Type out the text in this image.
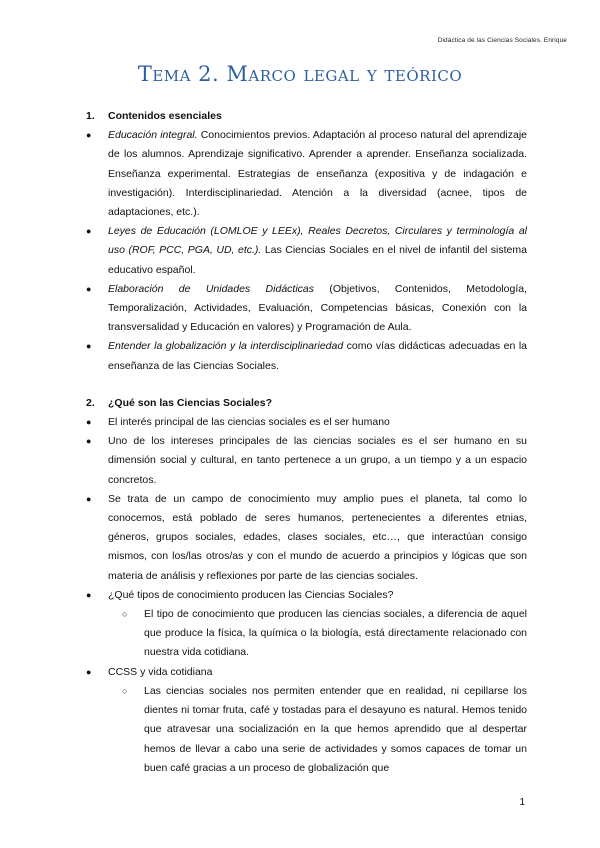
Didáctica de las Ciencias Sociales. Enrique
Tema 2. Marco legal y teórico
1.	Contenidos esenciales
●	Educación integral. Conocimientos previos. Adaptación al proceso natural del aprendizaje de los alumnos. Aprendizaje significativo. Aprender a aprender. Enseñanza socializada. Enseñanza experimental. Estrategias de enseñanza (expositiva y de indagación e investigación). Interdisciplinariedad. Atención a la diversidad (acnee, tipos de adaptaciones, etc.).
●	Leyes de Educación (LOMLOE y LEEx), Reales Decretos, Circulares y terminología al uso (ROF, PCC, PGA, UD, etc.). Las Ciencias Sociales en el nivel de infantil del sistema educativo español.
●	Elaboración de Unidades Didácticas (Objetivos, Contenidos, Metodología, Temporalización, Actividades, Evaluación, Competencias básicas, Conexión con la transversalidad y Educación en valores) y Programación de Aula.
●	Entender la globalización y la interdisciplinariedad como vías didácticas adecuadas en la enseñanza de las Ciencias Sociales.
2.	¿Qué son las Ciencias Sociales?
●	El interés principal de las ciencias sociales es el ser humano
●	Uno de los intereses principales de las ciencias sociales es el ser humano en su dimensión social y cultural, en tanto pertenece a un grupo, a un tiempo y a un espacio concretos.
●	Se trata de un campo de conocimiento muy amplio pues el planeta, tal como lo conocemos, está poblado de seres humanos, pertenecientes a diferentes etnias, géneros, grupos sociales, edades, clases sociales, etc…, que interactúan consigo mismos, con los/las otros/as y con el mundo de acuerdo a principios y lógicas que son materia de análisis y reflexiones por parte de las ciencias sociales.
●	¿Qué tipos de conocimiento producen las Ciencias Sociales?
○	El tipo de conocimiento que producen las ciencias sociales, a diferencia de aquel que produce la física, la química o la biología, está directamente relacionado con nuestra vida cotidiana.
●	CCSS y vida cotidiana
○	Las ciencias sociales nos permiten entender que en realidad, ni cepillarse los dientes ni tomar fruta, café y tostadas para el desayuno es natural. Hemos tenido que atravesar una socialización en la que hemos aprendido que al despertar hemos de llevar a cabo una serie de actividades y somos capaces de tomar un buen café gracias a un proceso de globalización que
1
